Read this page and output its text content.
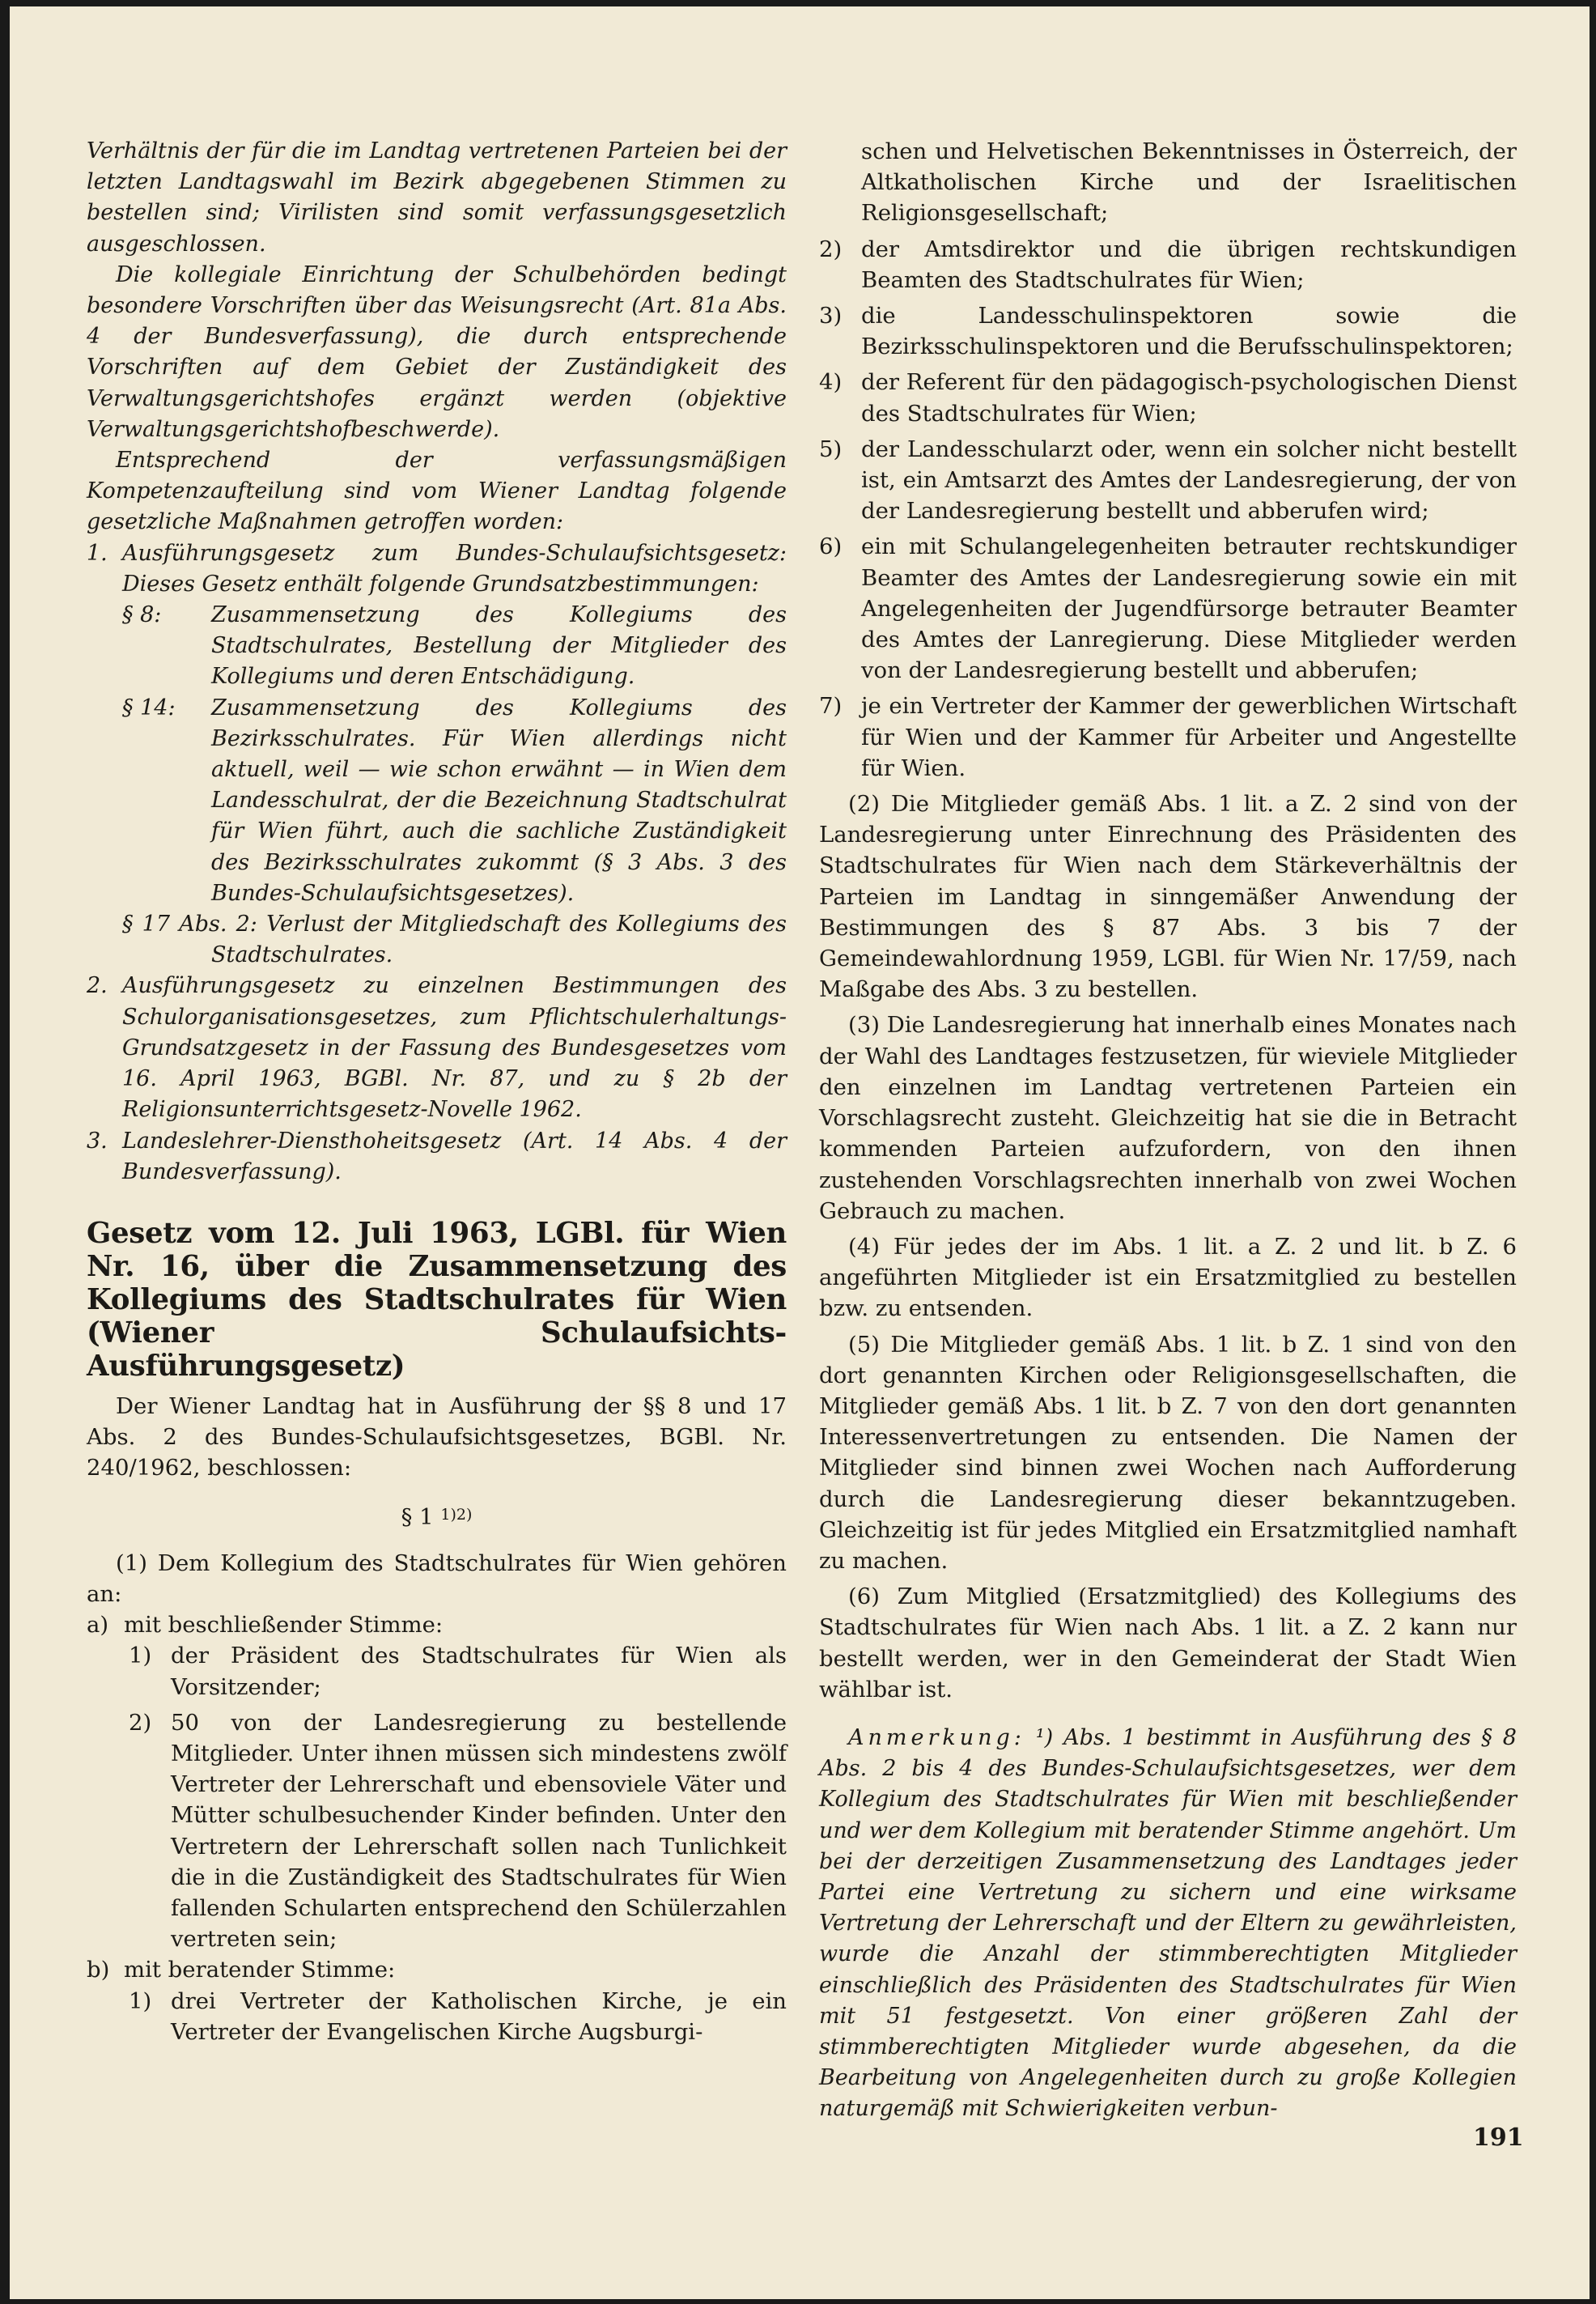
Verhältnis der für die im Landtag vertretenen Parteien bei der letzten Landtagswahl im Bezirk abgegebenen Stimmen zu bestellen sind; Virilisten sind somit verfassungsgesetzlich ausgeschlossen.

Die kollegiale Einrichtung der Schulbehörden bedingt besondere Vorschriften über das Weisungsrecht (Art. 81a Abs. 4 der Bundesverfassung), die durch entsprechende Vorschriften auf dem Gebiet der Zuständigkeit des Verwaltungsgerichtshofes ergänzt werden (objektive Verwaltungsgerichtshofbeschwerde).

Entsprechend der verfassungsmäßigen Kompetenzaufteilung sind vom Wiener Landtag folgende gesetzliche Maßnahmen getroffen worden:

1. Ausführungsgesetz zum Bundes-Schulaufsichtsgesetz: Dieses Gesetz enthält folgende Grundsatzbestimmungen:
§ 8: Zusammensetzung des Kollegiums des Stadtschulrates, Bestellung der Mitglieder des Kollegiums und deren Entschädigung.
§ 14: Zusammensetzung des Kollegiums des Bezirksschulrates. Für Wien allerdings nicht aktuell, weil — wie schon erwähnt — in Wien dem Landesschulrat, der die Bezeichnung Stadtschulrat für Wien führt, auch die sachliche Zuständigkeit des Bezirksschulrates zukommt (§ 3 Abs. 3 des Bundes-Schulaufsichtsgesetzes).
§ 17 Abs. 2: Verlust der Mitgliedschaft des Kollegiums des Stadtschulrates.
2. Ausführungsgesetz zu einzelnen Bestimmungen des Schulorganisationsgesetzes, zum Pflichtschulerhaltungs-Grundsatzgesetz in der Fassung des Bundesgesetzes vom 16. April 1963, BGBl. Nr. 87, und zu § 2b der Religionsunterrichtsgesetz-Novelle 1962.
3. Landeslehrer-Diensthoheitsgesetz (Art. 14 Abs. 4 der Bundesverfassung).

Gesetz vom 12. Juli 1963, LGBl. für Wien Nr. 16, über die Zusammensetzung des Kollegiums des Stadtschulrates für Wien (Wiener Schulaufsichts-Ausführungsgesetz)

Der Wiener Landtag hat in Ausführung der §§ 8 und 17 Abs. 2 des Bundes-Schulaufsichtsgesetzes, BGBl. Nr. 240/1962, beschlossen:

§ 1 $^{1)2)}$

(1) Dem Kollegium des Stadtschulrates für Wien gehören an:

a) mit beschließender Stimme:
1) der Präsident des Stadtschulrates für Wien als Vorsitzender;
2) 50 von der Landesregierung zu bestellende Mitglieder. Unter ihnen müssen sich mindestens zwölf Vertreter der Lehrerschaft und ebensoviele Väter und Mütter schulbesuchender Kinder befinden. Unter den Vertretern der Lehrerschaft sollen nach Tunlichkeit die in die Zuständigkeit des Stadtschulrates für Wien fallenden Schularten entsprechend den Schülerzahlen vertreten sein;
b) mit beratender Stimme:
1) drei Vertreter der Katholischen Kirche, je ein Vertreter der Evangelischen Kirche Augsburgi-
schen und Helvetischen Bekenntnisses in Österreich, der Altkatholischen Kirche und der Israelitischen Religionsgesellschaft;
2) der Amtsdirektor und die übrigen rechtskundigen Beamten des Stadtschulrates für Wien;
3) die Landesschulinspektoren sowie die Bezirksschulinspektoren und die Berufsschulinspektoren;
4) der Referent für den pädagogisch-psychologischen Dienst des Stadtschulrates für Wien;
5) der Landesschularzt oder, wenn ein solcher nicht bestellt ist, ein Amtsarzt des Amtes der Landesregierung, der von der Landesregierung bestellt und abberufen wird;
6) ein mit Schulangelegenheiten betrauter rechtskundiger Beamter des Amtes der Landesregierung sowie ein mit Angelegenheiten der Jugendfürsorge betrauter Beamter des Amtes der Lanregierung. Diese Mitglieder werden von der Landesregierung bestellt und abberufen;
7) je ein Vertreter der Kammer der gewerblichen Wirtschaft für Wien und der Kammer für Arbeiter und Angestellte für Wien.

(2) Die Mitglieder gemäß Abs. 1 lit. a Z. 2 sind von der Landesregierung unter Einrechnung des Präsidenten des Stadtschulrates für Wien nach dem Stärkeverhältnis der Parteien im Landtag in sinngemäßer Anwendung der Bestimmungen des § 87 Abs. 3 bis 7 der Gemeindewahlordnung 1959, LGBl. für Wien Nr. 17/59, nach Maßgabe des Abs. 3 zu bestellen.

(3) Die Landesregierung hat innerhalb eines Monates nach der Wahl des Landtages festzusetzen, für wieviele Mitglieder den einzelnen im Landtag vertretenen Parteien ein Vorschlagsrecht zusteht. Gleichzeitig hat sie die in Betracht kommenden Parteien aufzufordern, von den ihnen zustehenden Vorschlagsrechten innerhalb von zwei Wochen Gebrauch zu machen.

(4) Für jedes der im Abs. 1 lit. a Z. 2 und lit. b Z. 6 angeführten Mitglieder ist ein Ersatzmitglied zu bestellen bzw. zu entsenden.

(5) Die Mitglieder gemäß Abs. 1 lit. b Z. 1 sind von den dort genannten Kirchen oder Religionsgesellschaften, die Mitglieder gemäß Abs. 1 lit. b Z. 7 von den dort genannten Interessenvertretungen zu entsenden. Die Namen der Mitglieder sind binnen zwei Wochen nach Aufforderung durch die Landesregierung dieser bekanntzugeben. Gleichzeitig ist für jedes Mitglied ein Ersatzmitglied namhaft zu machen.

(6) Zum Mitglied (Ersatzmitglied) des Kollegiums des Stadtschulrates für Wien nach Abs. 1 lit. a Z. 2 kann nur bestellt werden, wer in den Gemeinderat der Stadt Wien wählbar ist.

Anmerkung: ¹) Abs. 1 bestimmt in Ausführung des § 8 Abs. 2 bis 4 des Bundes-Schulaufsichtsgesetzes, wer dem Kollegium des Stadtschulrates für Wien mit beschließender und wer dem Kollegium mit beratender Stimme angehört. Um bei der derzeitigen Zusammensetzung des Landtages jeder Partei eine Vertretung zu sichern und eine wirksame Vertretung der Lehrerschaft und der Eltern zu gewährleisten, wurde die Anzahl der stimmberechtigten Mitglieder einschließlich des Präsidenten des Stadtschulrates für Wien mit 51 festgesetzt. Von einer größeren Zahl der stimmberechtigten Mitglieder wurde abgesehen, da die Bearbeitung von Angelegenheiten durch zu große Kollegien naturgemäß mit Schwierigkeiten verbun-

191
